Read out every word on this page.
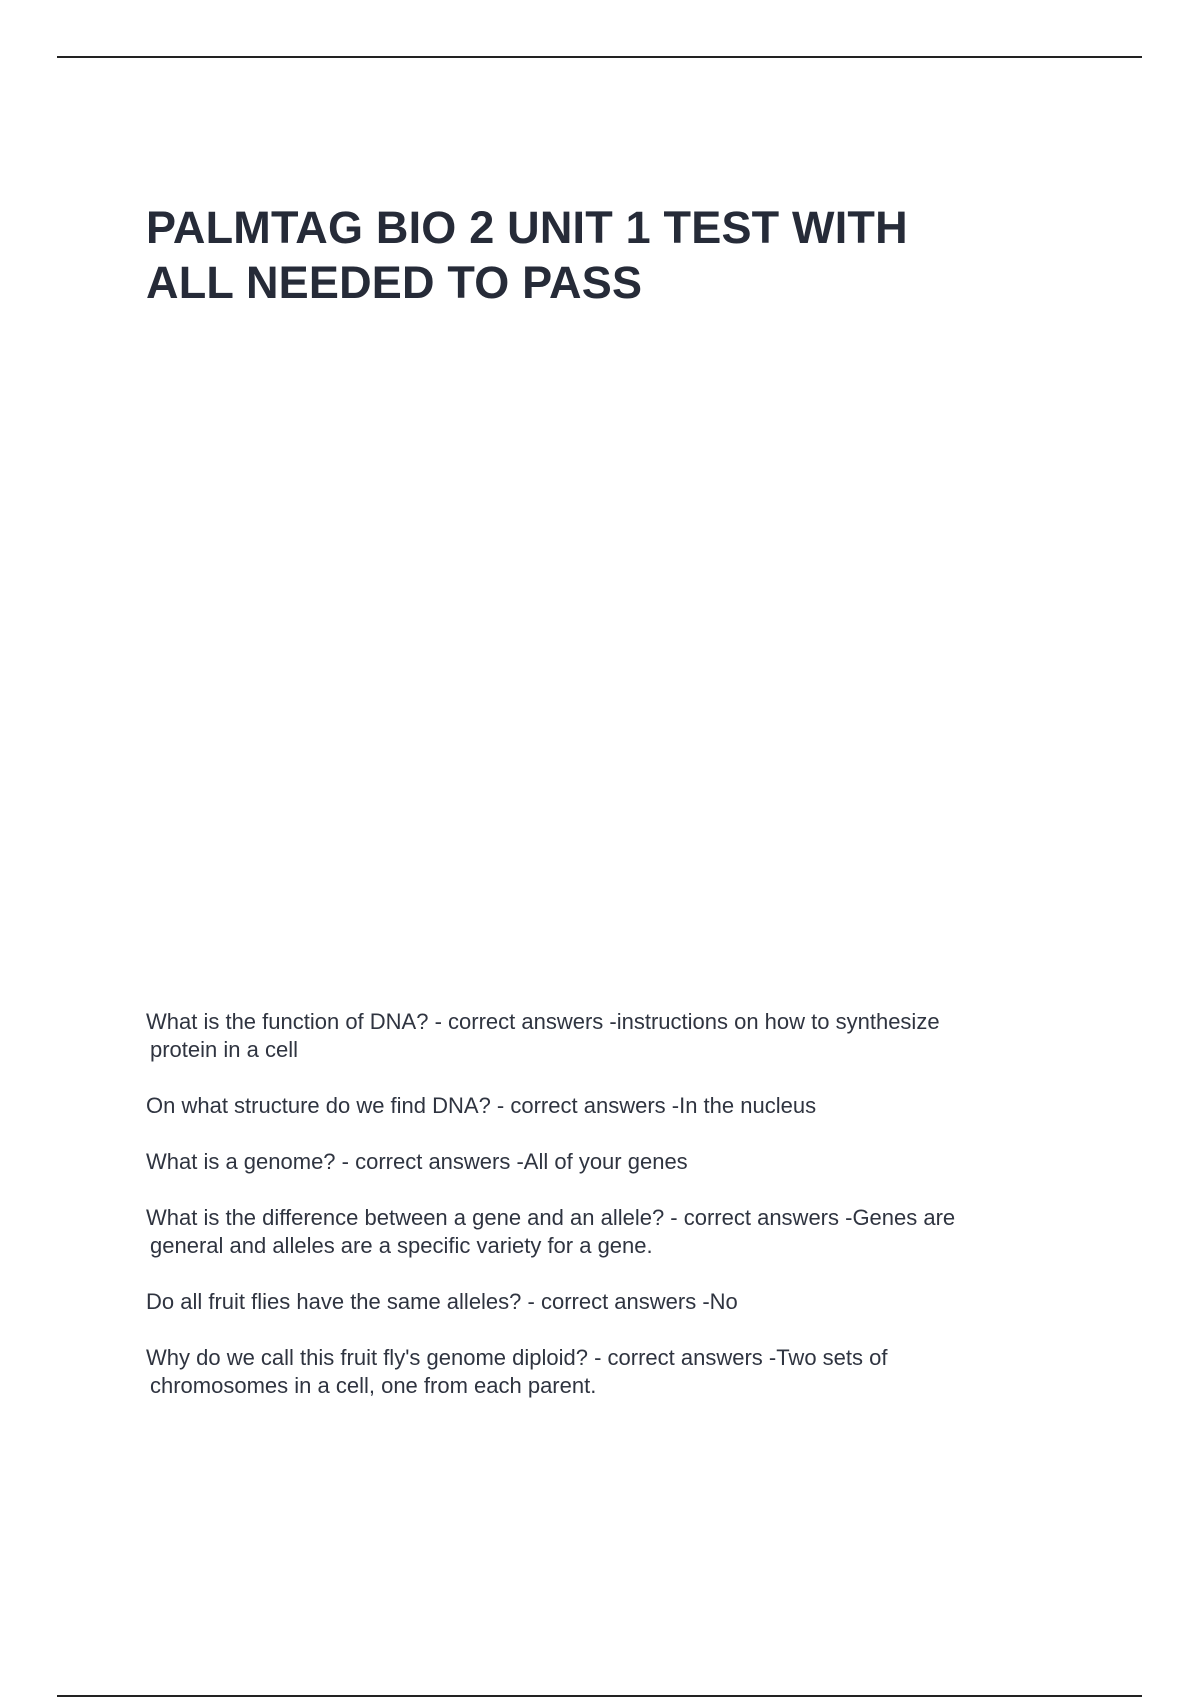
PALMTAG BIO 2 UNIT 1 TEST WITH
ALL NEEDED TO PASS

What is the function of DNA? - correct answers -instructions on how to synthesize
protein in a cell

On what structure do we find DNA? - correct answers -In the nucleus

What is a genome? - correct answers -All of your genes

What is the difference between a gene and an allele? - correct answers -Genes are
general and alleles are a specific variety for a gene.

Do all fruit flies have the same alleles? - correct answers -No

Why do we call this fruit fly's genome diploid? - correct answers -Two sets of
chromosomes in a cell, one from each parent.
